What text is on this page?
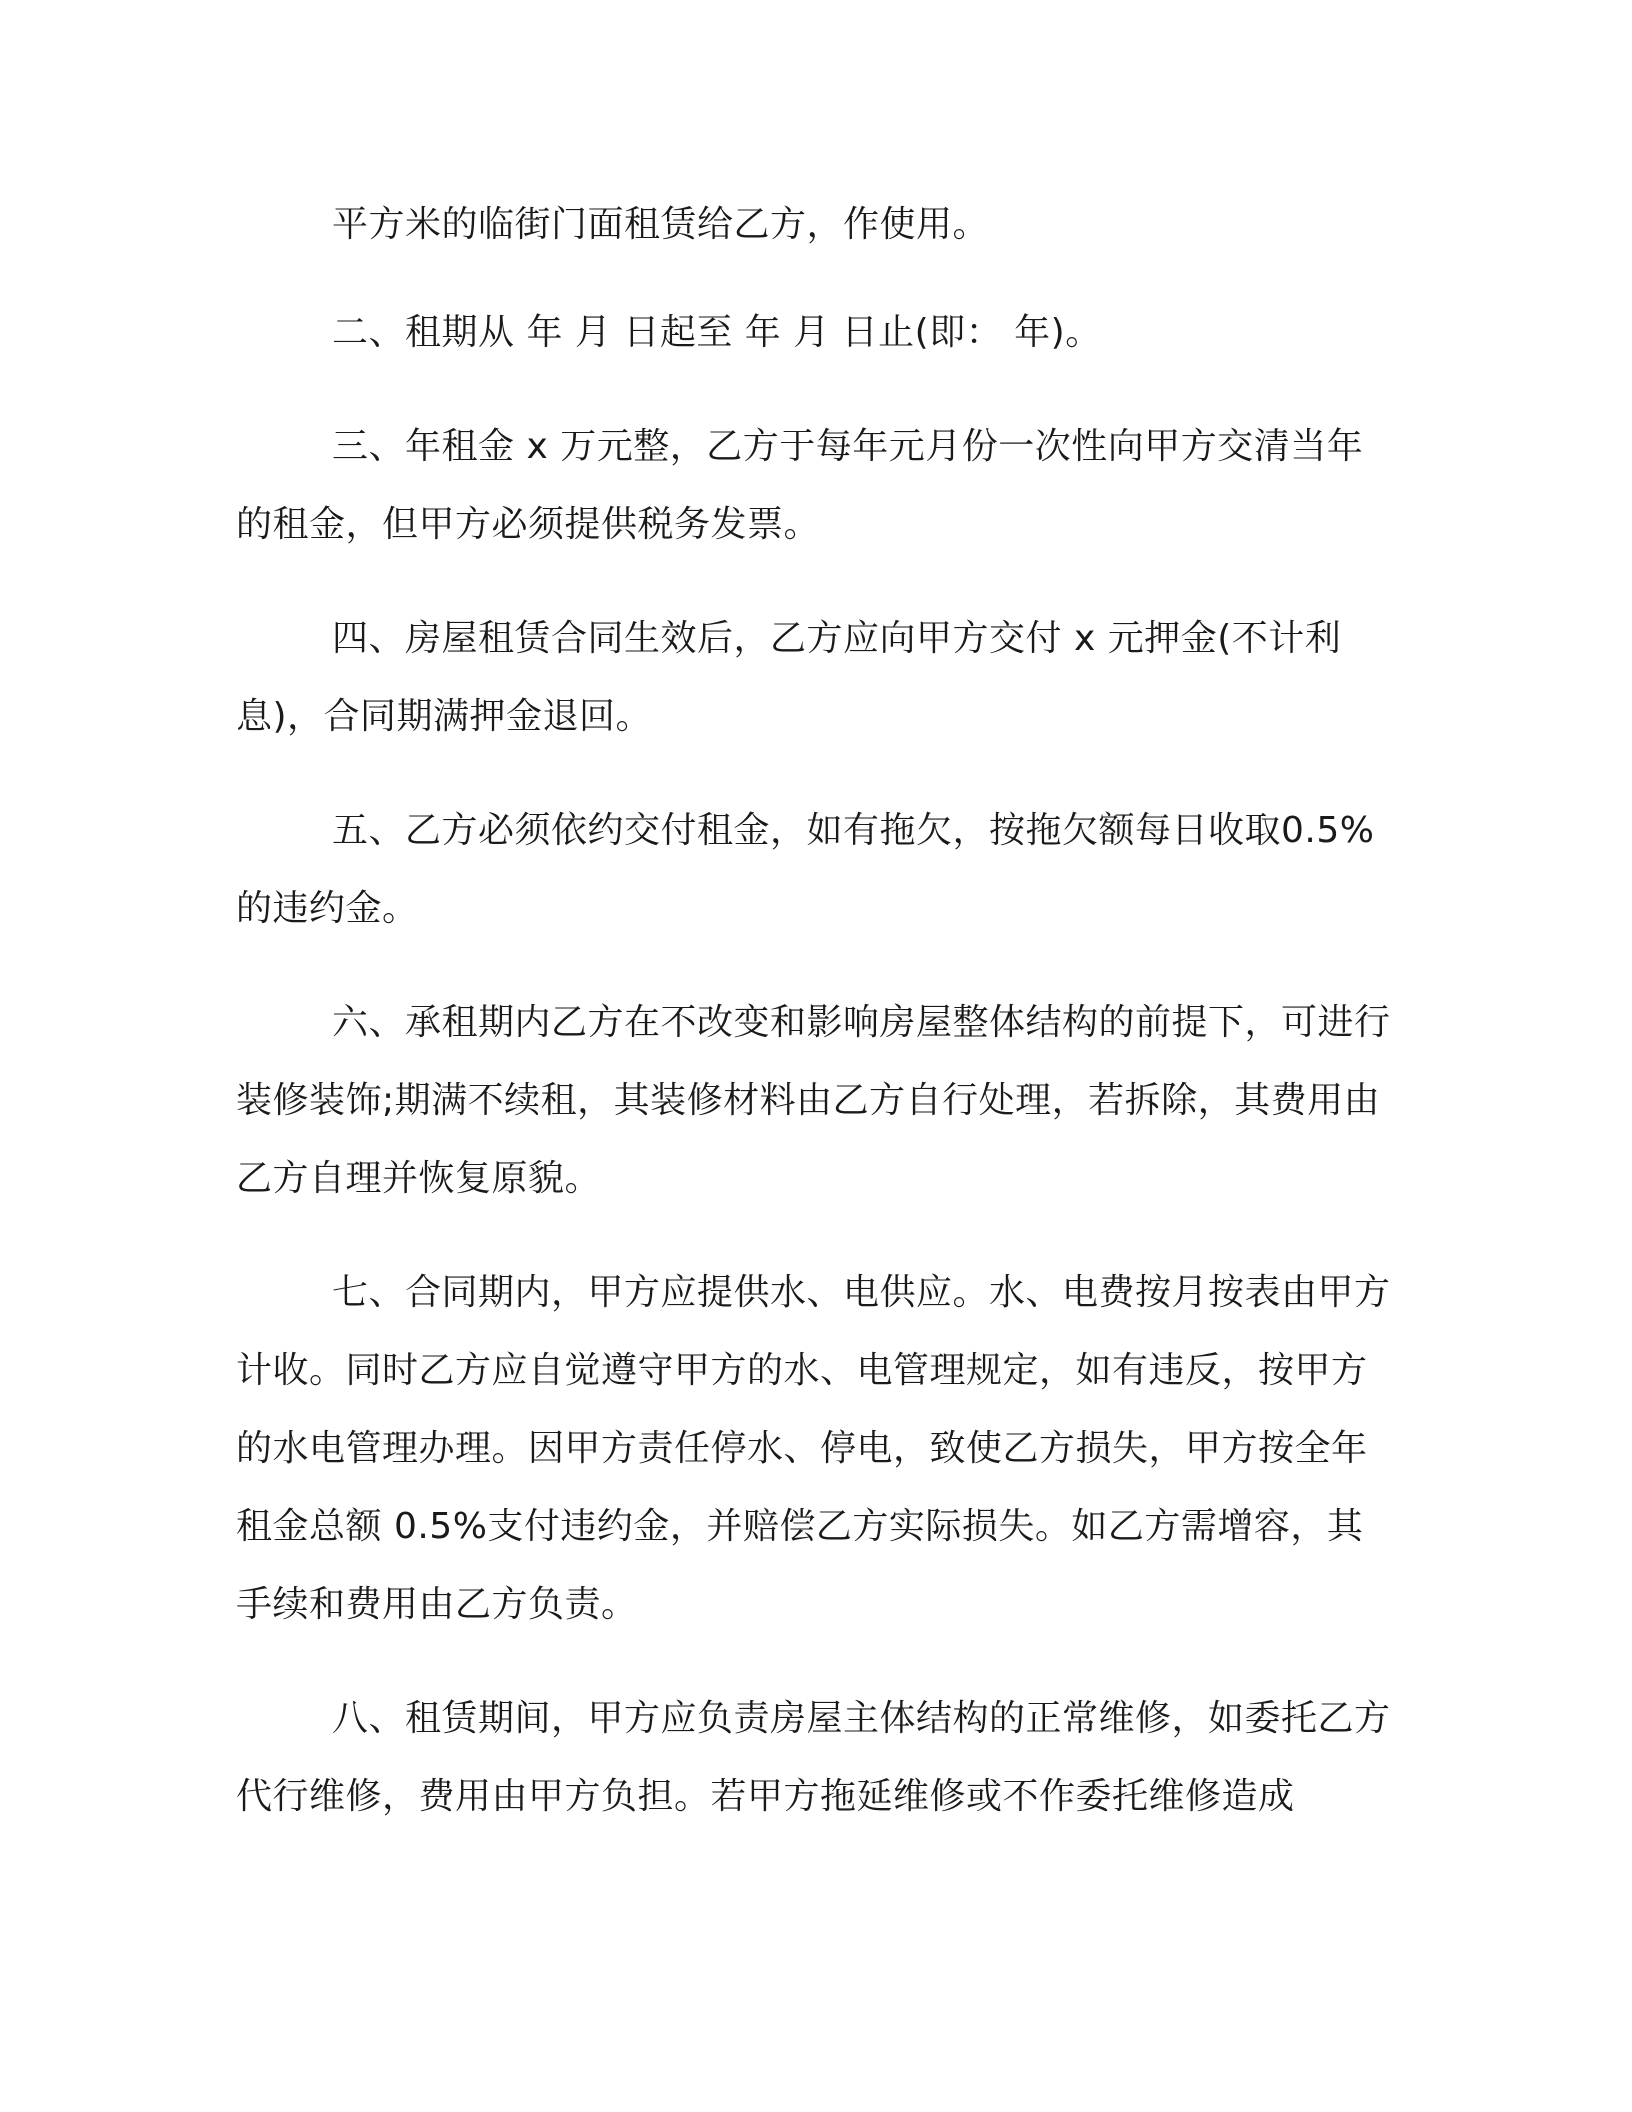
平方米的临街门面租赁给乙方，作使用。

二、租期从 年 月 日起至 年 月 日止(即： 年)。

三、年租金 x 万元整，乙方于每年元月份一次性向甲方交清当年的租金，但甲方必须提供税务发票。

四、房屋租赁合同生效后，乙方应向甲方交付 x 元押金(不计利息)，合同期满押金退回。

五、乙方必须依约交付租金，如有拖欠，按拖欠额每日收取0.5%的违约金。

六、承租期内乙方在不改变和影响房屋整体结构的前提下，可进行装修装饰;期满不续租，其装修材料由乙方自行处理，若拆除，其费用由乙方自理并恢复原貌。

七、合同期内，甲方应提供水、电供应。水、电费按月按表由甲方计收。同时乙方应自觉遵守甲方的水、电管理规定，如有违反，按甲方的水电管理办理。因甲方责任停水、停电，致使乙方损失，甲方按全年租金总额 0.5%支付违约金，并赔偿乙方实际损失。如乙方需增容，其手续和费用由乙方负责。

八、租赁期间，甲方应负责房屋主体结构的正常维修，如委托乙方代行维修，费用由甲方负担。若甲方拖延维修或不作委托维修造成
